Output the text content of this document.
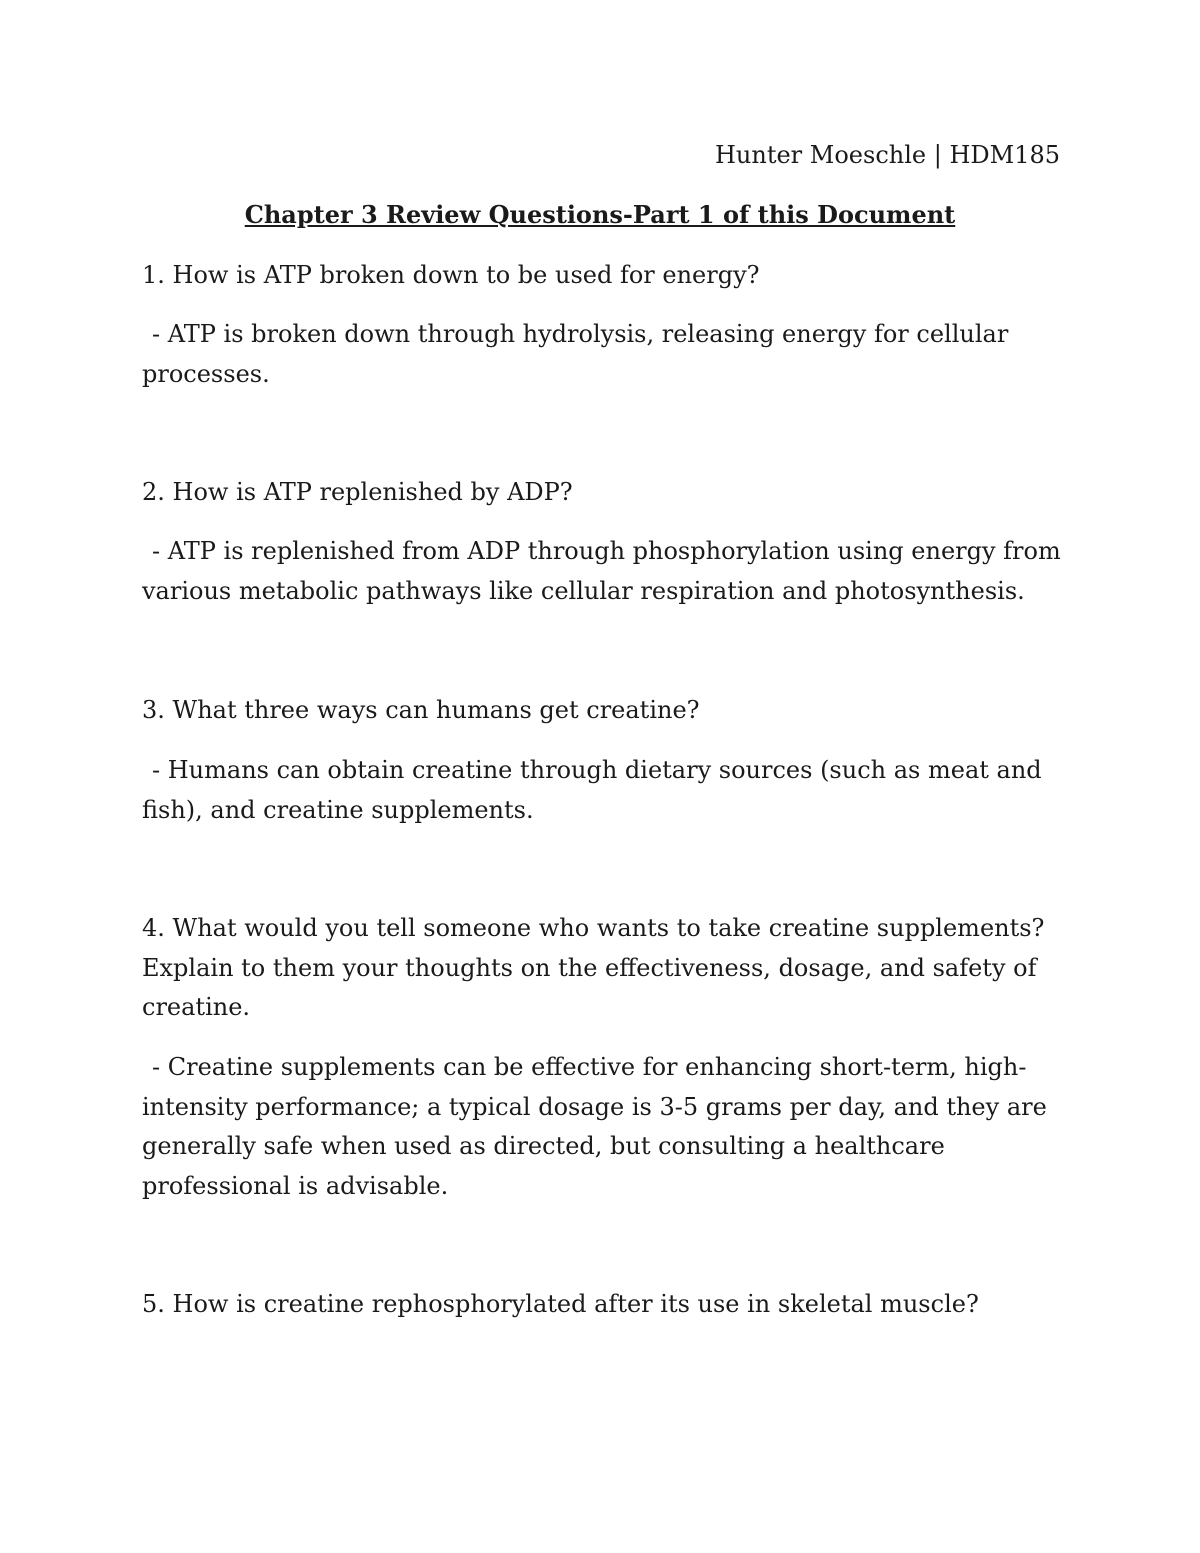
Hunter Moeschle | HDM185
Chapter 3 Review Questions-Part 1 of this Document

1. How is ATP broken down to be used for energy?

- ATP is broken down through hydrolysis, releasing energy for cellular processes.

2. How is ATP replenished by ADP?

- ATP is replenished from ADP through phosphorylation using energy from various metabolic pathways like cellular respiration and photosynthesis.

3. What three ways can humans get creatine?

- Humans can obtain creatine through dietary sources (such as meat and fish), and creatine supplements.

4. What would you tell someone who wants to take creatine supplements? Explain to them your thoughts on the effectiveness, dosage, and safety of creatine.

- Creatine supplements can be effective for enhancing short-term, high-intensity performance; a typical dosage is 3-5 grams per day, and they are generally safe when used as directed, but consulting a healthcare professional is advisable.

5. How is creatine rephosphorylated after its use in skeletal muscle?
